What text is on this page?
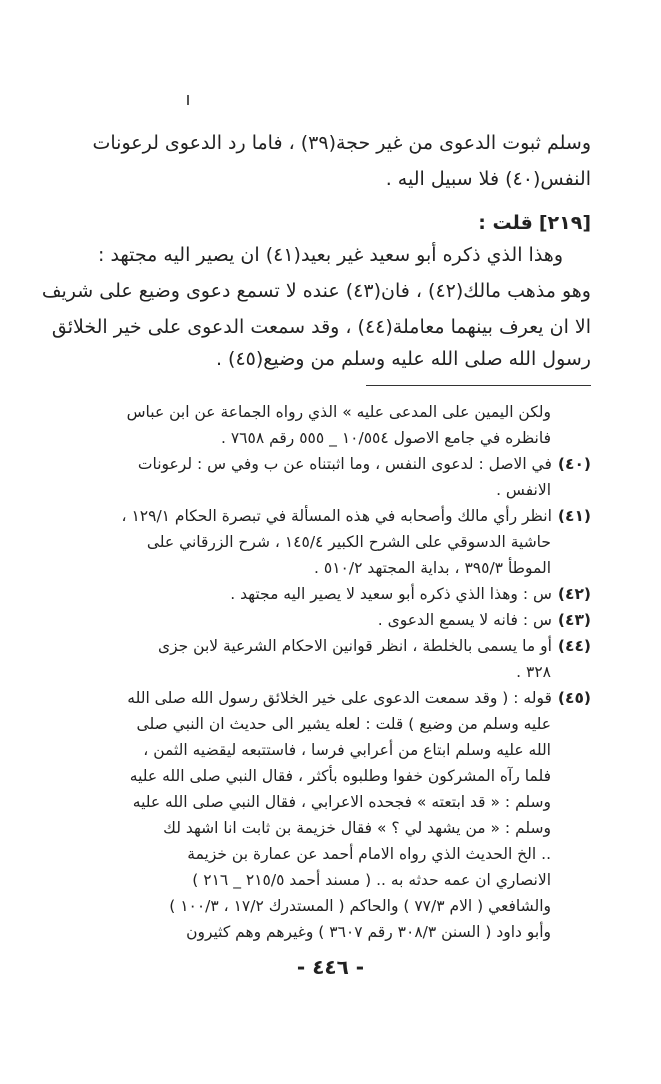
وسلم ثبوت الدعوى من غير حجة(٣٩) ، فاما رد الدعوى لرعونات
النفس(٤٠) فلا سبيل اليه .
[٢١٩] قلت :
وهذا الذي ذكره أبو سعيد غير بعيد(٤١) ان يصير اليه مجتهد :
وهو مذهب مالك(٤٢) ، فان(٤٣) عنده لا تسمع دعوى وضيع على شريف
الا ان يعرف بينهما معاملة(٤٤) ، وقد سمعت الدعوى على خير الخلائق
رسول الله صلى الله عليه وسلم من وضيع(٤٥) .
ولكن اليمين على المدعى عليه » الذي رواه الجماعة عن ابن عباس
فانظره في جامع الاصول ١٠/٥٥٤ _ ٥٥٥ رقم ٧٦٥٨ .
(٤٠)في الاصل : لدعوى النفس ، وما اثبتناه عن ب وفي س : لرعونات
الانفس .
(٤١)انظر رأي مالك وأصحابه في هذه المسألة في تبصرة الحكام ١٢٩/١ ،
حاشية الدسوقي على الشرح الكبير ١٤٥/٤ ، شرح الزرقاني على
الموطأ ٣٩٥/٣ ، بداية المجتهد ٥١٠/٢ .
(٤٢)س : وهذا الذي ذكره أبو سعيد لا يصير اليه مجتهد .
(٤٣)س : فانه لا يسمع الدعوى .
(٤٤)أو ما يسمى بالخلطة ، انظر قوانين الاحكام الشرعية لابن جزى
٣٢٨ .
(٤٥)قوله : ( وقد سمعت الدعوى على خير الخلائق رسول الله صلى الله
عليه وسلم من وضيع ) قلت : لعله يشير الى حديث ان النبي صلى
الله عليه وسلم ابتاع من أعرابي فرسا ، فاستتبعه ليقضيه الثمن ،
فلما رآه المشركون خفوا وطلبوه بأكثر ، فقال النبي صلى الله عليه
وسلم : « قد ابتعته » فجحده الاعرابي ، فقال النبي صلى الله عليه
وسلم : « من يشهد لي ؟ » فقال خزيمة بن ثابت انا اشهد لك
.. الخ الحديث الذي رواه الامام أحمد عن عمارة بن خزيمة
الانصاري ان عمه حدثه به .. ( مسند أحمد ٢١٥/٥ _ ٢١٦ )
والشافعي ( الام ٧٧/٣ ) والحاكم ( المستدرك ١٧/٢ ، ١٠٠/٣ )
وأبو داود ( السنن ٣٠٨/٣ رقم ٣٦٠٧ ) وغيرهم وهم كثيرون
- ٤٤٦ -
